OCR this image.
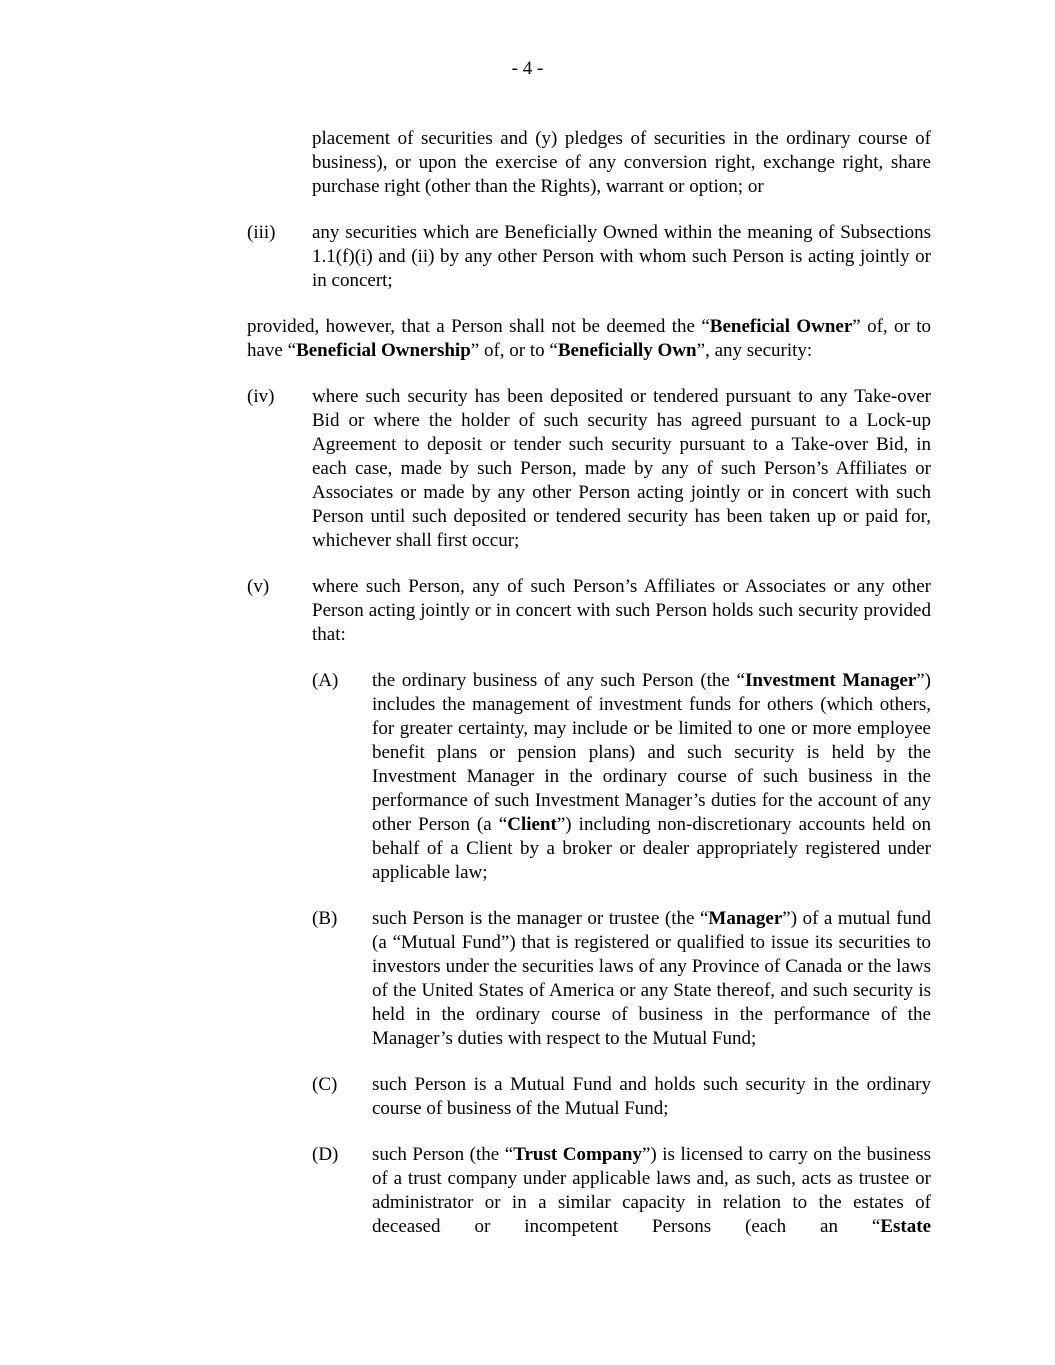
- 4 -
placement of securities and (y) pledges of securities in the ordinary course of business), or upon the exercise of any conversion right, exchange right, share purchase right (other than the Rights), warrant or option; or
(iii)	any securities which are Beneficially Owned within the meaning of Subsections 1.1(f)(i) and (ii) by any other Person with whom such Person is acting jointly or in concert;
provided, however, that a Person shall not be deemed the “Beneficial Owner” of, or to have “Beneficial Ownership” of, or to “Beneficially Own”, any security:
(iv)	where such security has been deposited or tendered pursuant to any Take-over Bid or where the holder of such security has agreed pursuant to a Lock-up Agreement to deposit or tender such security pursuant to a Take-over Bid, in each case, made by such Person, made by any of such Person’s Affiliates or Associates or made by any other Person acting jointly or in concert with such Person until such deposited or tendered security has been taken up or paid for, whichever shall first occur;
(v)	where such Person, any of such Person’s Affiliates or Associates or any other Person acting jointly or in concert with such Person holds such security provided that:
(A)	the ordinary business of any such Person (the “Investment Manager”) includes the management of investment funds for others (which others, for greater certainty, may include or be limited to one or more employee benefit plans or pension plans) and such security is held by the Investment Manager in the ordinary course of such business in the performance of such Investment Manager’s duties for the account of any other Person (a “Client”) including non-discretionary accounts held on behalf of a Client by a broker or dealer appropriately registered under applicable law;
(B)	such Person is the manager or trustee (the “Manager”) of a mutual fund (a “Mutual Fund”) that is registered or qualified to issue its securities to investors under the securities laws of any Province of Canada or the laws of the United States of America or any State thereof, and such security is held in the ordinary course of business in the performance of the Manager’s duties with respect to the Mutual Fund;
(C)	such Person is a Mutual Fund and holds such security in the ordinary course of business of the Mutual Fund;
(D)	such Person (the “Trust Company”) is licensed to carry on the business of a trust company under applicable laws and, as such, acts as trustee or administrator or in a similar capacity in relation to the estates of deceased or incompetent Persons (each an “Estate
